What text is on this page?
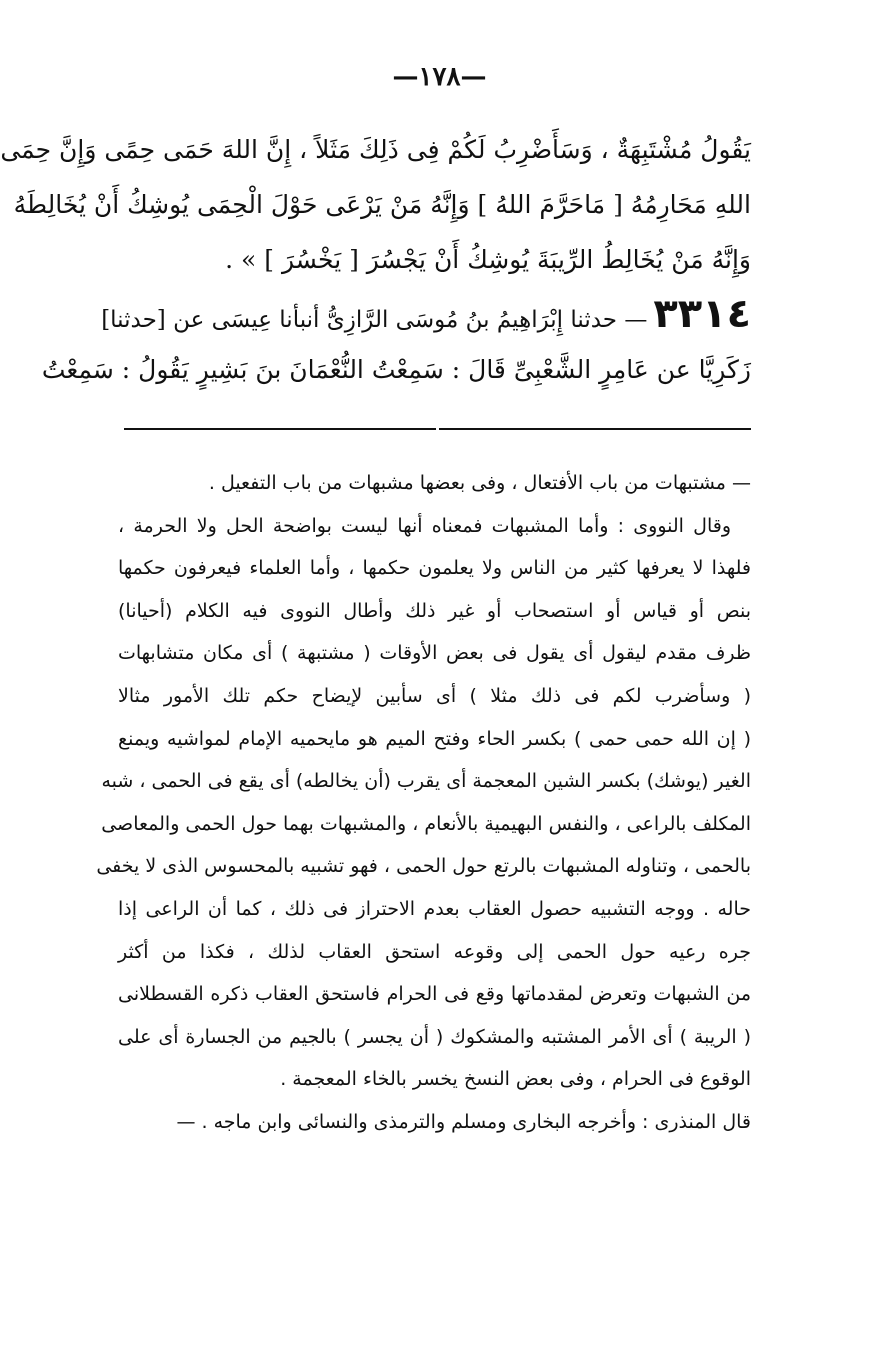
—١٧٨—
يَقُولُ مُشْتَبِهَةٌ ، وَسَأَضْرِبُ لَكُمْ فِى ذَلِكَ مَثَلاً ، إِنَّ اللهَ حَمَى حِمًى وَإِنَّ حِمَى
اللهِ مَحَارِمُهُ [ مَاحَرَّمَ اللهُ ] وَإِنَّهُ مَنْ يَرْعَى حَوْلَ الْحِمَى يُوشِكُ أَنْ يُخَالِطَهُ
وَإِنَّهُ مَنْ يُخَالِطُ الرِّيبَةَ يُوشِكُ أَنْ يَجْسُرَ [ يَخْسُرَ ] » .
٣٣١٤— حدثنا إِبْرَاهِيمُ بنُ مُوسَى الرَّازِىُّ أنبأنا عِيسَى عن [حدثنا]
زَكَرِيَّا عن عَامِرٍ الشَّعْبِىِّ قَالَ : سَمِعْتُ النُّعْمَانَ بنَ بَشِيرٍ يَقُولُ : سَمِعْتُ
— مشتبهات من باب الأفتعال ، وفى بعضها مشبهات من باب التفعيل .
وقال النووى : وأما المشبهات فمعناه أنها ليست بواضحة الحل ولا الحرمة ،
فلهذا لا يعرفها كثير من الناس ولا يعلمون حكمها ، وأما العلماء فيعرفون حكمها
بنص أو قياس أو استصحاب أو غير ذلك وأطال النووى فيه الكلام (أحيانا)
ظرف مقدم ليقول أى يقول فى بعض الأوقات ( مشتبهة ) أى مكان متشابهات
( وسأضرب لكم فى ذلك مثلا ) أى سأبين لإيضاح حكم تلك الأمور مثالا
( إن الله حمى حمى ) بكسر الحاء وفتح الميم هو مايحميه الإمام لمواشيه ويمنع
الغير (يوشك) بكسر الشين المعجمة أى يقرب (أن يخالطه) أى يقع فى الحمى ، شبه
المكلف بالراعى ، والنفس البهيمية بالأنعام ، والمشبهات بهما حول الحمى والمعاصى
بالحمى ، وتناوله المشبهات بالرتع حول الحمى ، فهو تشبيه بالمحسوس الذى لا يخفى
حاله . ووجه التشبيه حصول العقاب بعدم الاحتراز فى ذلك ، كما أن الراعى إذا
جره رعيه حول الحمى إلى وقوعه استحق العقاب لذلك ، فكذا من أكثر
من الشبهات وتعرض لمقدماتها وقع فى الحرام فاستحق العقاب ذكره القسطلانى
( الريبة ) أى الأمر المشتبه والمشكوك ( أن يجسر ) بالجيم من الجسارة أى على
الوقوع فى الحرام ، وفى بعض النسخ يخسر بالخاء المعجمة .
قال المنذرى : وأخرجه البخارى ومسلم والترمذى والنسائى وابن ماجه . —
